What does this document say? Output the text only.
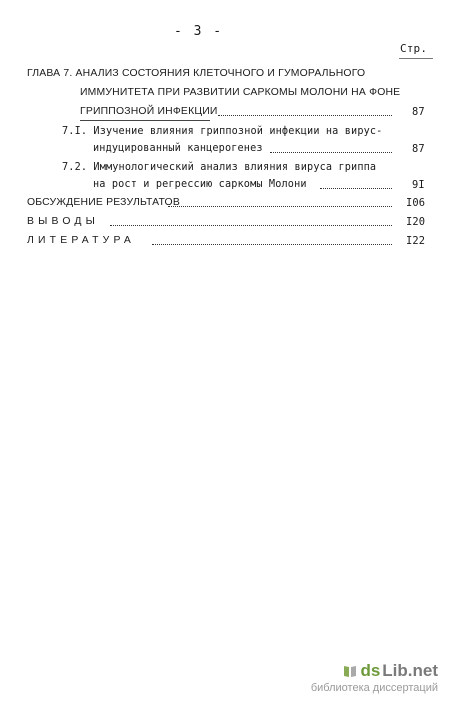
- 3 -
Стр.
ГЛАВА 7. АНАЛИЗ СОСТОЯНИЯ КЛЕТОЧНОГО И ГУМОРАЛЬНОГО
ИММУНИТЕТА ПРИ РАЗВИТИИ САРКОМЫ МОЛОНИ НА ФОНЕ
ГРИППОЗНОЙ ИНФЕКЦИИ	87
7.I. Изучение влияния гриппозной инфекции на вирус-
индуцированный канцерогенез	87
7.2. Иммунологический анализ влияния вируса гриппа
на рост и регрессию саркомы Молони	9I
ОБСУЖДЕНИЕ РЕЗУЛЬТАТОВ	I06
ВЫВОДЫ	I20
ЛИТЕРАТУРА	I22
ds Lib.net
библиотека диссертаций
